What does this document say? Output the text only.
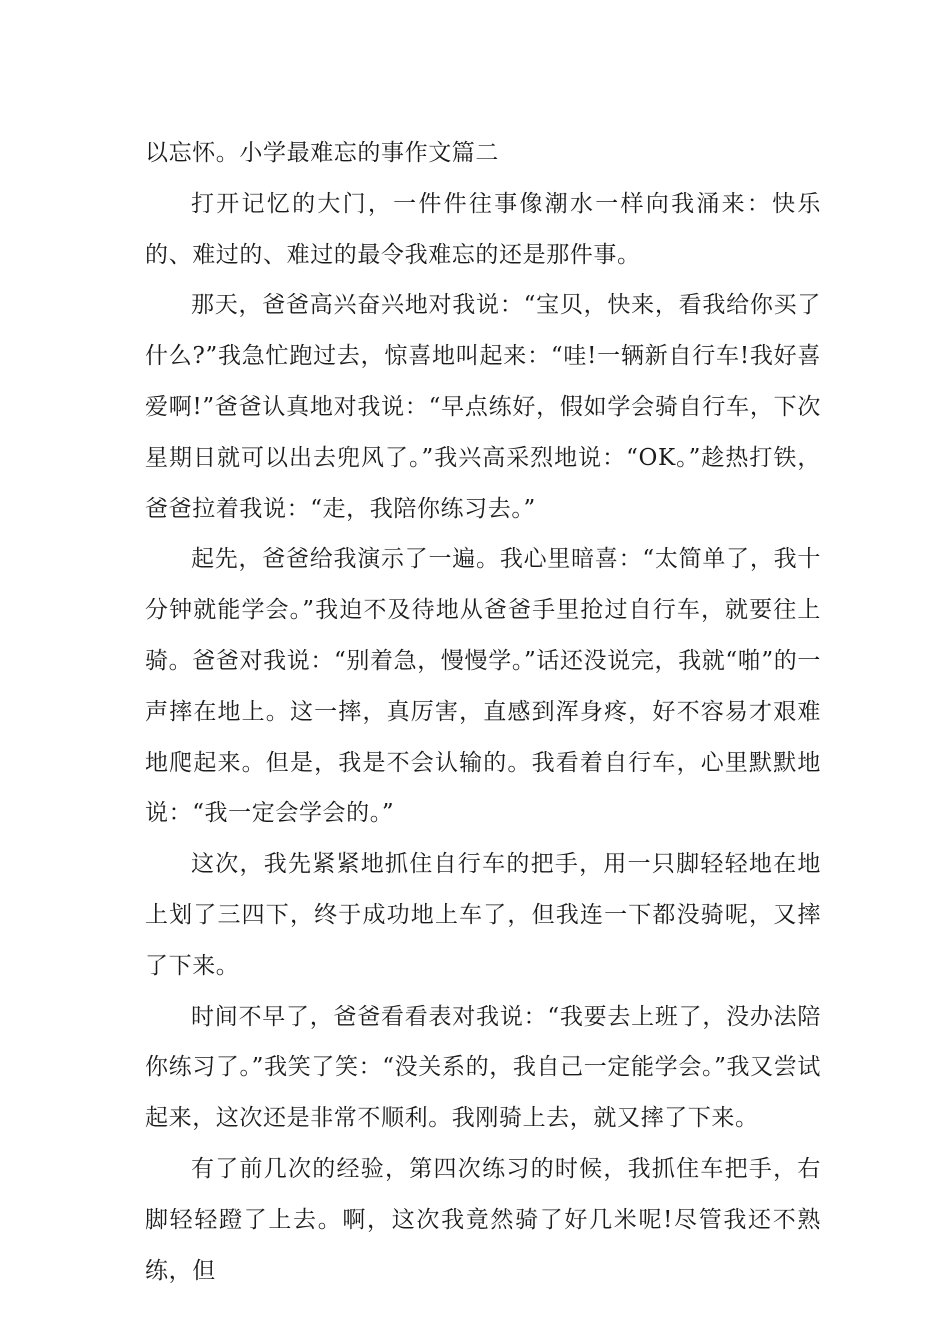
以忘怀。小学最难忘的事作文篇二

打开记忆的大门，一件件往事像潮水一样向我涌来：快乐的、难过的、难过的最令我难忘的还是那件事。

那天，爸爸高兴奋兴地对我说：“宝贝，快来，看我给你买了什么?”我急忙跑过去，惊喜地叫起来：“哇!一辆新自行车!我好喜爱啊!”爸爸认真地对我说：“早点练好，假如学会骑自行车，下次星期日就可以出去兜风了。”我兴高采烈地说：“OK。”趁热打铁，爸爸拉着我说：“走，我陪你练习去。”

起先，爸爸给我演示了一遍。我心里暗喜：“太简单了，我十分钟就能学会。”我迫不及待地从爸爸手里抢过自行车，就要往上骑。爸爸对我说：“别着急，慢慢学。”话还没说完，我就“啪”的一声摔在地上。这一摔，真厉害，直感到浑身疼，好不容易才艰难地爬起来。但是，我是不会认输的。我看着自行车，心里默默地说：“我一定会学会的。”

这次，我先紧紧地抓住自行车的把手，用一只脚轻轻地在地上划了三四下，终于成功地上车了，但我连一下都没骑呢，又摔了下来。

时间不早了，爸爸看看表对我说：“我要去上班了，没办法陪你练习了。”我笑了笑：“没关系的，我自己一定能学会。”我又尝试起来，这次还是非常不顺利。我刚骑上去，就又摔了下来。

有了前几次的经验，第四次练习的时候，我抓住车把手，右脚轻轻蹬了上去。啊，这次我竟然骑了好几米呢!尽管我还不熟练，但
